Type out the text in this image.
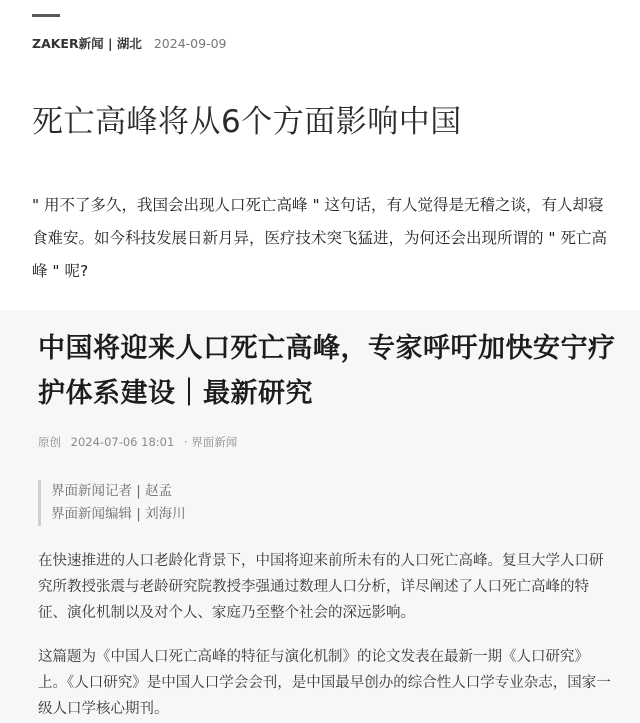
ZAKER新闻 | 湖北 2024-09-09
死亡高峰将从6个方面影响中国

" 用不了多久，我国会出现人口死亡高峰 " 这句话，有人觉得是无稽之谈，有人却寝食难安。如今科技发展日新月异，医疗技术突飞猛进，为何还会出现所谓的 " 死亡高峰 " 呢?

中国将迎来人口死亡高峰，专家呼吁加快安宁疗护体系建设｜最新研究
原创 2024-07-06 18:01 · 界面新闻
界面新闻记者 | 赵孟
界面新闻编辑 | 刘海川

在快速推进的人口老龄化背景下，中国将迎来前所未有的人口死亡高峰。复旦大学人口研究所教授张震与老龄研究院教授李强通过数理人口分析，详尽阐述了人口死亡高峰的特征、演化机制以及对个人、家庭乃至整个社会的深远影响。

这篇题为《中国人口死亡高峰的特征与演化机制》的论文发表在最新一期《人口研究》上。《人口研究》是中国人口学会会刊，是中国最早创办的综合性人口学专业杂志，国家一级人口学核心期刊。
